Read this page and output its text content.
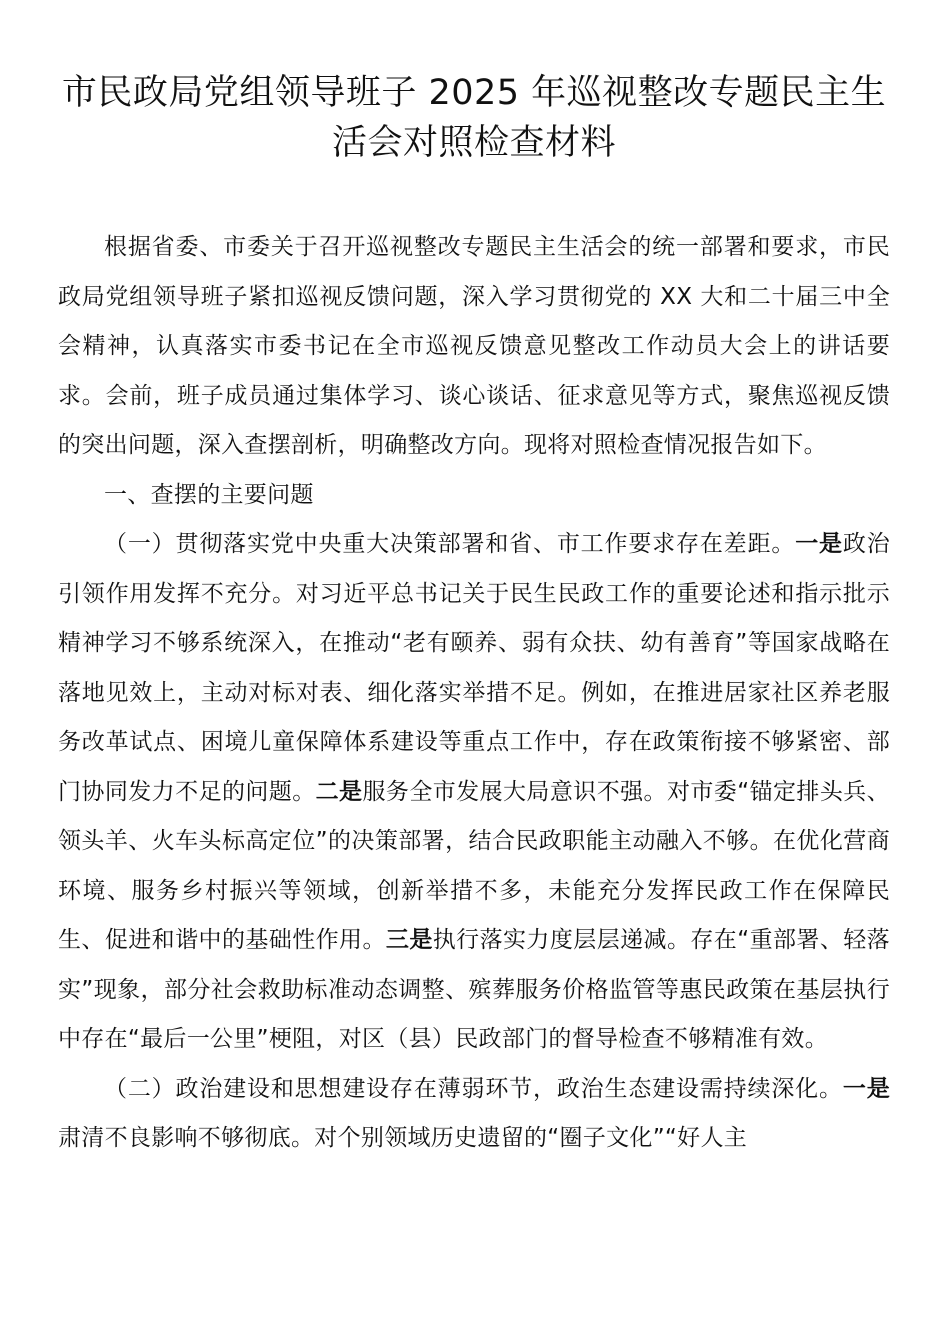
市民政局党组领导班子 2025 年巡视整改专题民主生
活会对照检查材料

根据省委、市委关于召开巡视整改专题民主生活会的统一部署和要求，市民政局党组领导班子紧扣巡视反馈问题，深入学习贯彻党的 XX 大和二十届三中全会精神，认真落实市委书记在全市巡视反馈意见整改工作动员大会上的讲话要求。会前，班子成员通过集体学习、谈心谈话、征求意见等方式，聚焦巡视反馈的突出问题，深入查摆剖析，明确整改方向。现将对照检查情况报告如下。

一、查摆的主要问题

（一）贯彻落实党中央重大决策部署和省、市工作要求存在差距。一是政治引领作用发挥不充分。对习近平总书记关于民生民政工作的重要论述和指示批示精神学习不够系统深入，在推动“老有颐养、弱有众扶、幼有善育”等国家战略在落地见效上，主动对标对表、细化落实举措不足。例如，在推进居家社区养老服务改革试点、困境儿童保障体系建设等重点工作中，存在政策衔接不够紧密、部门协同发力不足的问题。二是服务全市发展大局意识不强。对市委“锚定排头兵、领头羊、火车头标高定位”的决策部署，结合民政职能主动融入不够。在优化营商环境、服务乡村振兴等领域，创新举措不多，未能充分发挥民政工作在保障民生、促进和谐中的基础性作用。三是执行落实力度层层递减。存在“重部署、轻落实”现象，部分社会救助标准动态调整、殡葬服务价格监管等惠民政策在基层执行中存在“最后一公里”梗阻，对区（县）民政部门的督导检查不够精准有效。

（二）政治建设和思想建设存在薄弱环节，政治生态建设需持续深化。一是肃清不良影响不够彻底。对个别领域历史遗留的“圈子文化”“好人主
